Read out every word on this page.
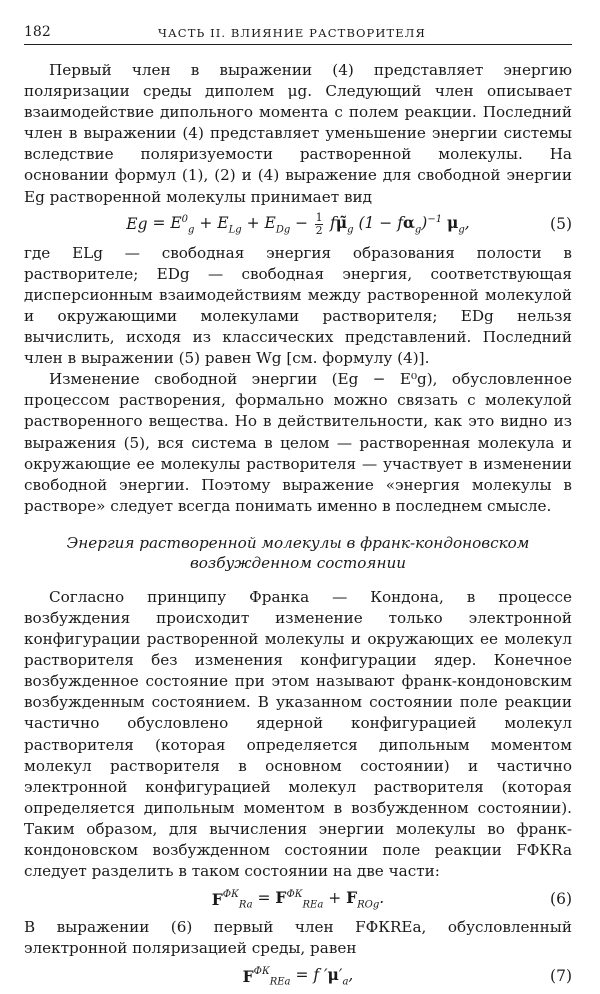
182	ЧАСТЬ II. ВЛИЯНИЕ РАСТВОРИТЕЛЯ

Первый член в выражении (4) представляет энергию поляризации среды диполем μg. Следующий член описывает взаимодействие дипольного момента с полем реакции. Последний член в выражении (4) представляет уменьшение энергии системы вследствие поляризуемости растворенной молекулы. На основании формул (1), (2) и (4) выражение для свободной энергии Eg растворенной молекулы принимает вид

$Eg = E^0_g + E_{Lg} + E_{Dg} - \frac{1}{2}$ $f\mũ_g$ $(1 - f\alpha_g)^{-1}$ $\mu_g$,	(5)

где ELg — свободная энергия образования полости в растворителе; EDg — свободная энергия, соответствующая дисперсионным взаимодействиям между растворенной молекулой и окружающими молекулами растворителя; EDg нельзя вычислить, исходя из классических представлений. Последний член в выражении (5) равен Wg [см. формулу (4)].

Изменение свободной энергии (Eg − E⁰g), обусловленное процессом растворения, формально можно связать с молекулой растворенного вещества. Но в действительности, как это видно из выражения (5), вся система в целом — растворенная молекула и окружающие ее молекулы растворителя — участвует в изменении свободной энергии. Поэтому выражение «энергия молекулы в растворе» следует всегда понимать именно в последнем смысле.

Энергия растворенной молекулы в франк-кондоновском возбужденном состоянии

Согласно принципу Франка — Кондона, в процессе возбуждения происходит изменение только электронной конфигурации растворенной молекулы и окружающих ее молекул растворителя без изменения конфигурации ядер. Конечное возбужденное состояние при этом называют франк-кондоновским возбужденным состоянием. В указанном состоянии поле реакции частично обусловлено ядерной конфигурацией молекул растворителя (которая определяется дипольным моментом молекул растворителя в основном состоянии) и частично электронной конфигурацией молекул растворителя (которая определяется дипольным моментом в возбужденном состоянии). Таким образом, для вычисления энергии молекулы во франк-кондоновском возбужденном состоянии поле реакции FФКRa следует разделить в таком состоянии на две части:

F $^{ФК}_{Ra} = F^{ФК}_{REa} + F_{ROg}$.	(6)

В выражении (6) первый член FФКREa, обусловленный электронной поляризацией среды, равен

F $^{ФК}_{REa}$ = f $'\mu'_a$,	(7)
